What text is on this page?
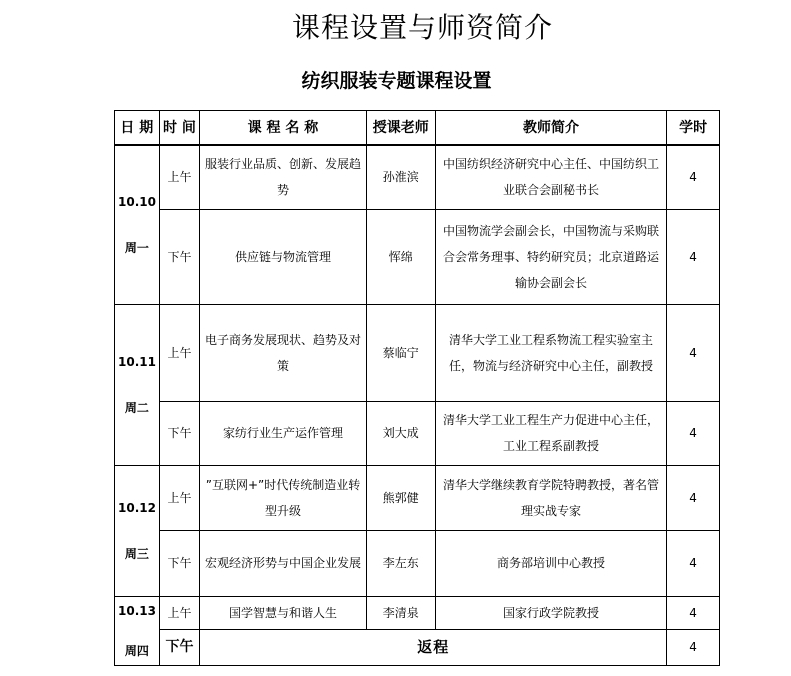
课程设置与师资简介
纺织服装专题课程设置
日 期	时 间	课 程 名 称	授课老师	教师简介	学时

10.10
周一	上午	服装行业品质、创新、发展趋势	孙淮滨	中国纺织经济研究中心主任、中国纺织工业联合会副秘书长	4
	下午	供应链与物流管理	恽绵	中国物流学会副会长，中国物流与采购联合会常务理事、特约研究员；北京道路运输协会副会长	4

10.11
周二	上午	电子商务发展现状、趋势及对策	蔡临宁	清华大学工业工程系物流工程实验室主任，物流与经济研究中心主任，副教授	4
	下午	家纺行业生产运作管理	刘大成	清华大学工业工程生产力促进中心主任，工业工程系副教授	4

10.12
周三	上午	”互联网+”时代传统制造业转型升级	熊郭健	清华大学继续教育学院特聘教授，著名管理实战专家	4
	下午	宏观经济形势与中国企业发展	李左东	商务部培训中心教授	4

10.13
周四	上午	国学智慧与和谐人生	李清泉	国家行政学院教授	4
	下午	返程			4
